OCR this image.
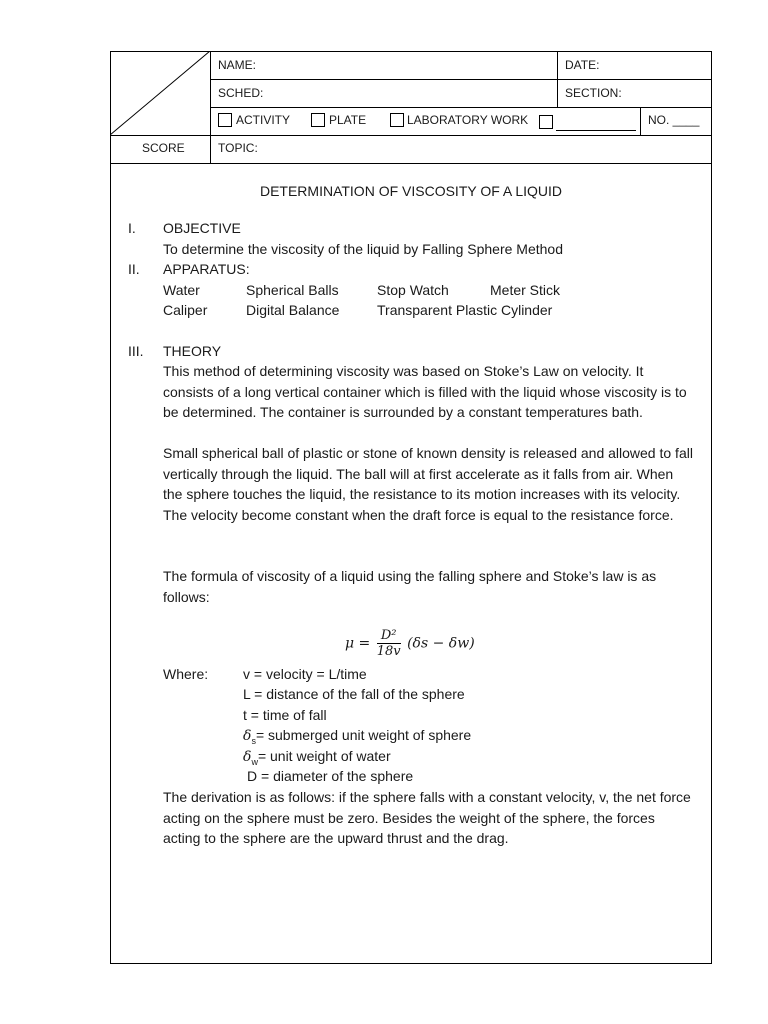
NAME:	DATE:
SCHED:	SECTION:
ACTIVITY	PLATE	LABORATORY WORK	NO. ____
SCORE	TOPIC:
DETERMINATION OF VISCOSITY OF A LIQUID
I. OBJECTIVE
To determine the viscosity of the liquid by Falling Sphere Method
II. APPARATUS:
Water	Spherical Balls	Stop Watch	Meter Stick
Caliper	Digital Balance	Transparent Plastic Cylinder
III. THEORY
This method of determining viscosity was based on Stoke’s Law on velocity. It consists of a long vertical container which is filled with the liquid whose viscosity is to be determined. The container is surrounded by a constant temperatures bath.
Small spherical ball of plastic or stone of known density is released and allowed to fall vertically through the liquid. The ball will at first accelerate as it falls from air. When the sphere touches the liquid, the resistance to its motion increases with its velocity. The velocity become constant when the draft force is equal to the resistance force.
The formula of viscosity of a liquid using the falling sphere and Stoke’s law is as follows:
$\mu = \frac{\text{D²}}{18v} (\delta s - \delta w)$
Where: v = velocity = L/time
L = distance of the fall of the sphere
t = time of fall
$\delta_s=$ submerged unit weight of sphere
$\delta_w=$ unit weight of water
D = diameter of the sphere
The derivation is as follows: if the sphere falls with a constant velocity, v, the net force acting on the sphere must be zero. Besides the weight of the sphere, the forces acting to the sphere are the upward thrust and the drag.
